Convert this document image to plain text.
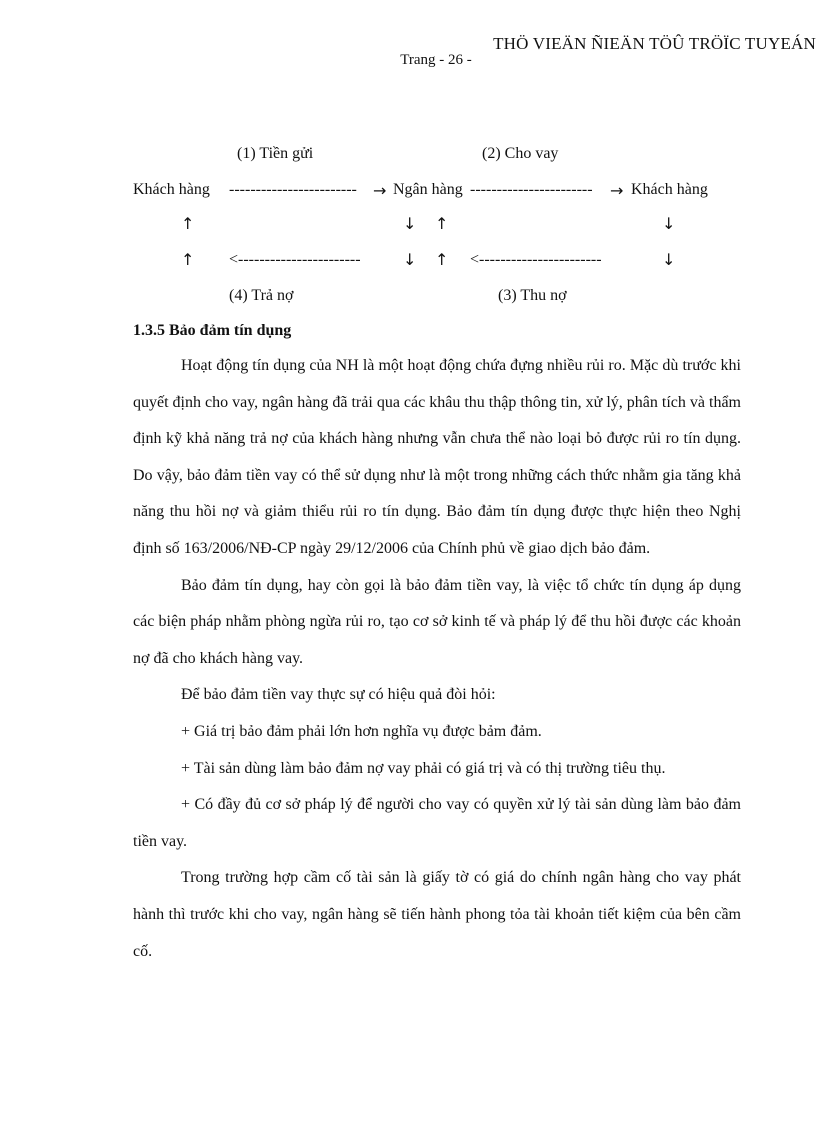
THÖ VIEÄN ÑIEÄN TÖÛ TRÖÏC TUYEÁN
Trang - 26 -
(1) Tiền gửi	(2) Cho vay
Khách hàng ------------------------ → Ngân hàng ----------------------- → Khách hàng
↑	↓ ↑	↓
↑ <-----------------------	↓ ↑ <-----------------------	↓
(4) Trả nợ	(3) Thu nợ
1.3.5 Bảo đảm tín dụng

Hoạt động tín dụng của NH là một hoạt động chứa đựng nhiều rủi ro. Mặc dù trước khi quyết định cho vay, ngân hàng đã trải qua các khâu thu thập thông tin, xử lý, phân tích và thẩm định kỹ khả năng trả nợ của khách hàng nhưng vẫn chưa thể nào loại bỏ được rủi ro tín dụng. Do vậy, bảo đảm tiền vay có thể sử dụng như là một trong những cách thức nhằm gia tăng khả năng thu hồi nợ và giảm thiểu rủi ro tín dụng. Bảo đảm tín dụng được thực hiện theo Nghị định số 163/2006/NĐ-CP ngày 29/12/2006 của Chính phủ về giao dịch bảo đảm.

Bảo đảm tín dụng, hay còn gọi là bảo đảm tiền vay, là việc tổ chức tín dụng áp dụng các biện pháp nhằm phòng ngừa rủi ro, tạo cơ sở kinh tế và pháp lý để thu hồi được các khoản nợ đã cho khách hàng vay.

Để bảo đảm tiền vay thực sự có hiệu quả đòi hỏi:

+ Giá trị bảo đảm phải lớn hơn nghĩa vụ được bảm đảm.

+ Tài sản dùng làm bảo đảm nợ vay phải có giá trị và có thị trường tiêu thụ.

+ Có đầy đủ cơ sở pháp lý để người cho vay có quyền xử lý tài sản dùng làm bảo đảm tiền vay.

Trong trường hợp cầm cố tài sản là giấy tờ có giá do chính ngân hàng cho vay phát hành thì trước khi cho vay, ngân hàng sẽ tiến hành phong tỏa tài khoản tiết kiệm của bên cầm cố.
